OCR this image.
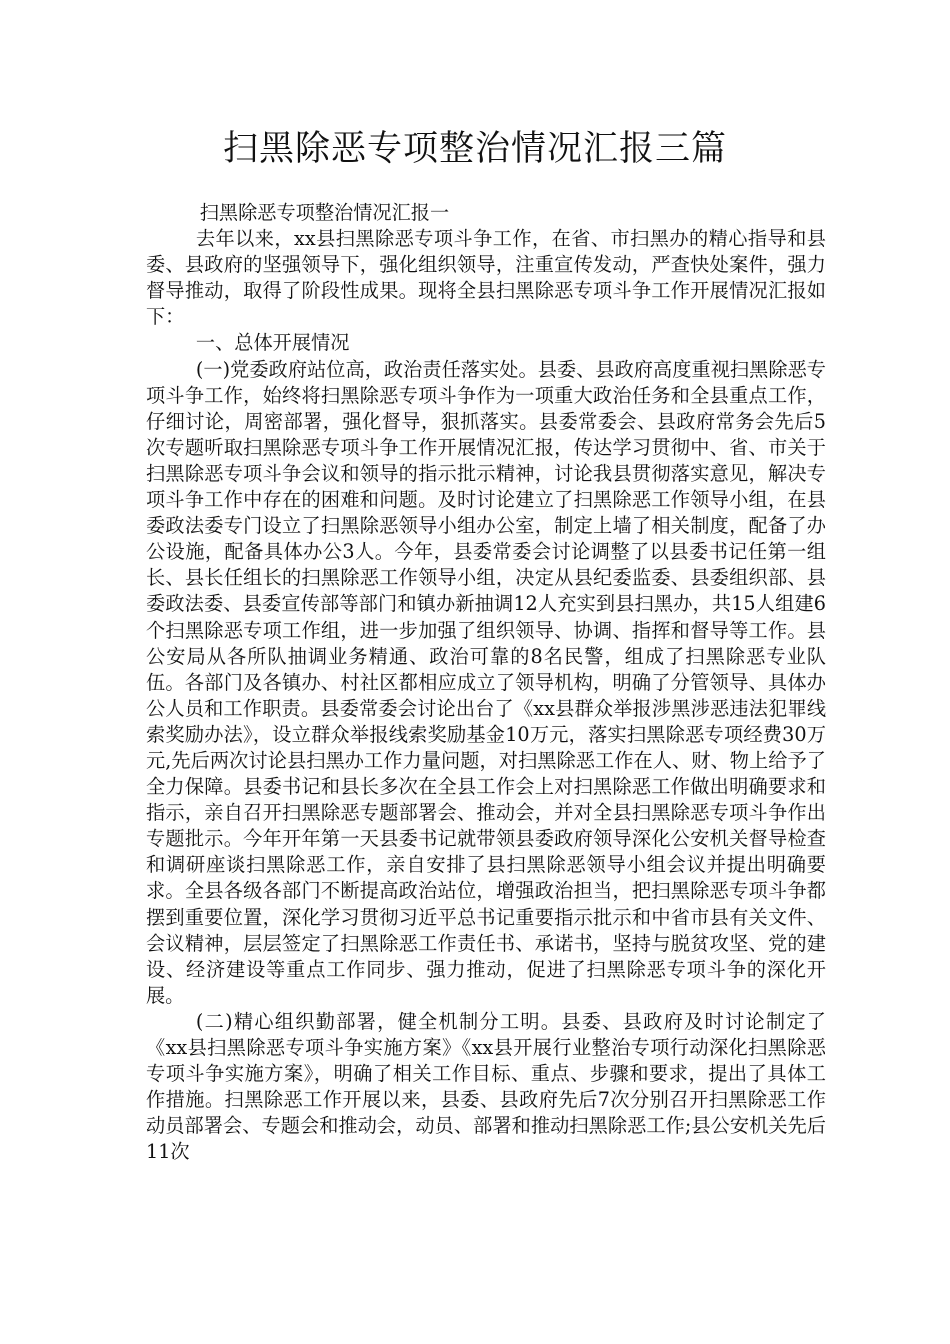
扫黑除恶专项整治情况汇报三篇

扫黑除恶专项整治情况汇报一

去年以来，xx县扫黑除恶专项斗争工作，在省、市扫黑办的精心指导和县委、县政府的坚强领导下，强化组织领导，注重宣传发动，严查快处案件，强力督导推动，取得了阶段性成果。现将全县扫黑除恶专项斗争工作开展情况汇报如下：

一、总体开展情况

(一)党委政府站位高，政治责任落实处。县委、县政府高度重视扫黑除恶专项斗争工作，始终将扫黑除恶专项斗争作为一项重大政治任务和全县重点工作，仔细讨论，周密部署，强化督导，狠抓落实。县委常委会、县政府常务会先后5次专题听取扫黑除恶专项斗争工作开展情况汇报，传达学习贯彻中、省、市关于扫黑除恶专项斗争会议和领导的指示批示精神，讨论我县贯彻落实意见，解决专项斗争工作中存在的困难和问题。及时讨论建立了扫黑除恶工作领导小组，在县委政法委专门设立了扫黑除恶领导小组办公室，制定上墙了相关制度，配备了办公设施，配备具体办公3人。今年，县委常委会讨论调整了以县委书记任第一组长、县长任组长的扫黑除恶工作领导小组，决定从县纪委监委、县委组织部、县委政法委、县委宣传部等部门和镇办新抽调12人充实到县扫黑办，共15人组建6个扫黑除恶专项工作组，进一步加强了组织领导、协调、指挥和督导等工作。县公安局从各所队抽调业务精通、政治可靠的8名民警，组成了扫黑除恶专业队伍。各部门及各镇办、村社区都相应成立了领导机构，明确了分管领导、具体办公人员和工作职责。县委常委会讨论出台了《xx县群众举报涉黑涉恶违法犯罪线索奖励办法》，设立群众举报线索奖励基金10万元，落实扫黑除恶专项经费30万元,先后两次讨论县扫黑办工作力量问题，对扫黑除恶工作在人、财、物上给予了全力保障。县委书记和县长多次在全县工作会上对扫黑除恶工作做出明确要求和指示，亲自召开扫黑除恶专题部署会、推动会，并对全县扫黑除恶专项斗争作出专题批示。今年开年第一天县委书记就带领县委政府领导深化公安机关督导检查和调研座谈扫黑除恶工作，亲自安排了县扫黑除恶领导小组会议并提出明确要求。全县各级各部门不断提高政治站位，增强政治担当，把扫黑除恶专项斗争都摆到重要位置，深化学习贯彻习近平总书记重要指示批示和中省市县有关文件、会议精神，层层签定了扫黑除恶工作责任书、承诺书，坚持与脱贫攻坚、党的建设、经济建设等重点工作同步、强力推动，促进了扫黑除恶专项斗争的深化开展。

(二)精心组织勤部署，健全机制分工明。县委、县政府及时讨论制定了《xx县扫黑除恶专项斗争实施方案》《xx县开展行业整治专项行动深化扫黑除恶专项斗争实施方案》，明确了相关工作目标、重点、步骤和要求，提出了具体工作措施。扫黑除恶工作开展以来，县委、县政府先后7次分别召开扫黑除恶工作动员部署会、专题会和推动会，动员、部署和推动扫黑除恶工作;县公安机关先后11次
